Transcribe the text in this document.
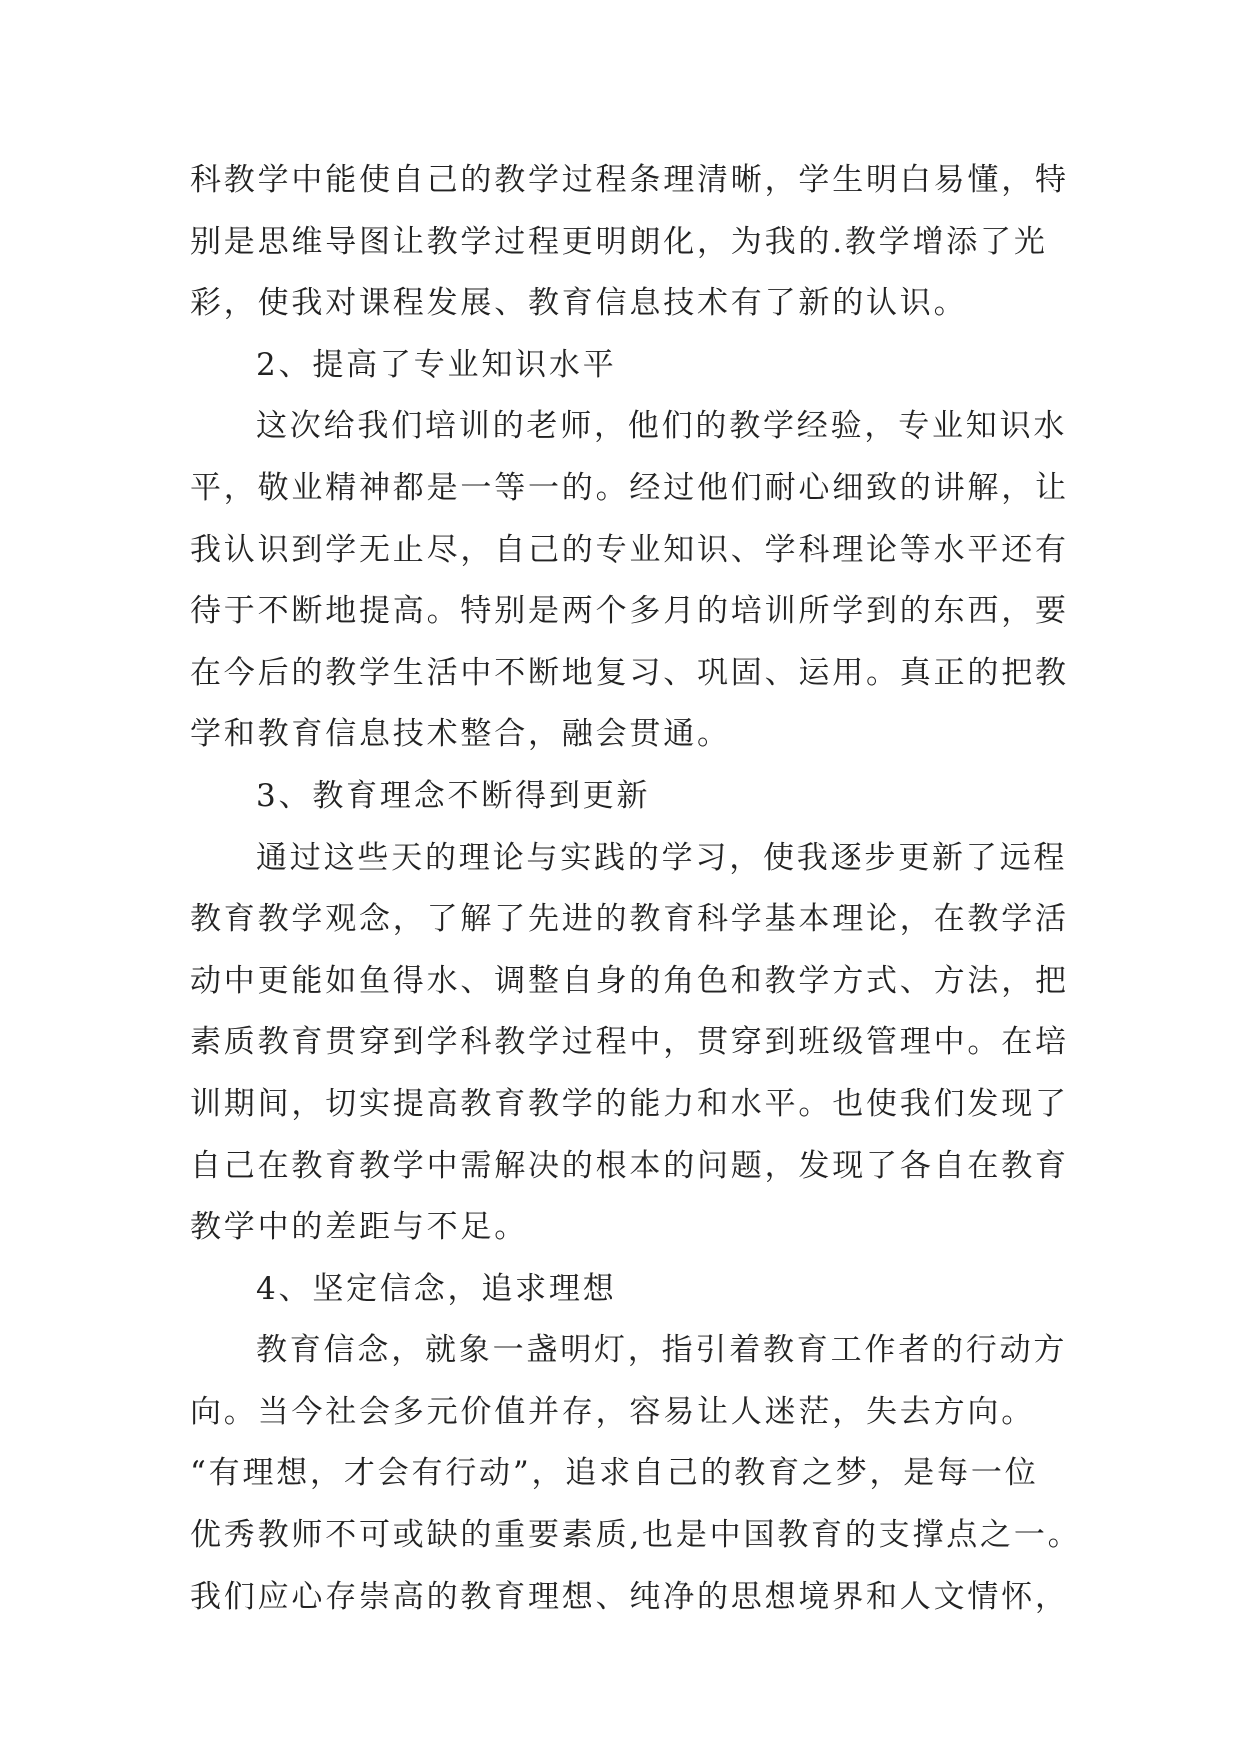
科教学中能使自己的教学过程条理清晰，学生明白易懂，特
别是思维导图让教学过程更明朗化，为我的.教学增添了光
彩，使我对课程发展、教育信息技术有了新的认识。
2、提高了专业知识水平
这次给我们培训的老师，他们的教学经验，专业知识水
平，敬业精神都是一等一的。经过他们耐心细致的讲解，让
我认识到学无止尽，自己的专业知识、学科理论等水平还有
待于不断地提高。特别是两个多月的培训所学到的东西，要
在今后的教学生活中不断地复习、巩固、运用。真正的把教
学和教育信息技术整合，融会贯通。
3、教育理念不断得到更新
通过这些天的理论与实践的学习，使我逐步更新了远程
教育教学观念，了解了先进的教育科学基本理论，在教学活
动中更能如鱼得水、调整自身的角色和教学方式、方法，把
素质教育贯穿到学科教学过程中，贯穿到班级管理中。在培
训期间，切实提高教育教学的能力和水平。也使我们发现了
自己在教育教学中需解决的根本的问题，发现了各自在教育
教学中的差距与不足。
4、坚定信念，追求理想
教育信念，就象一盏明灯，指引着教育工作者的行动方
向。当今社会多元价值并存，容易让人迷茫，失去方向。
“有理想，才会有行动”，追求自己的教育之梦，是每一位
优秀教师不可或缺的重要素质,也是中国教育的支撑点之一。
我们应心存崇高的教育理想、纯净的思想境界和人文情怀，
